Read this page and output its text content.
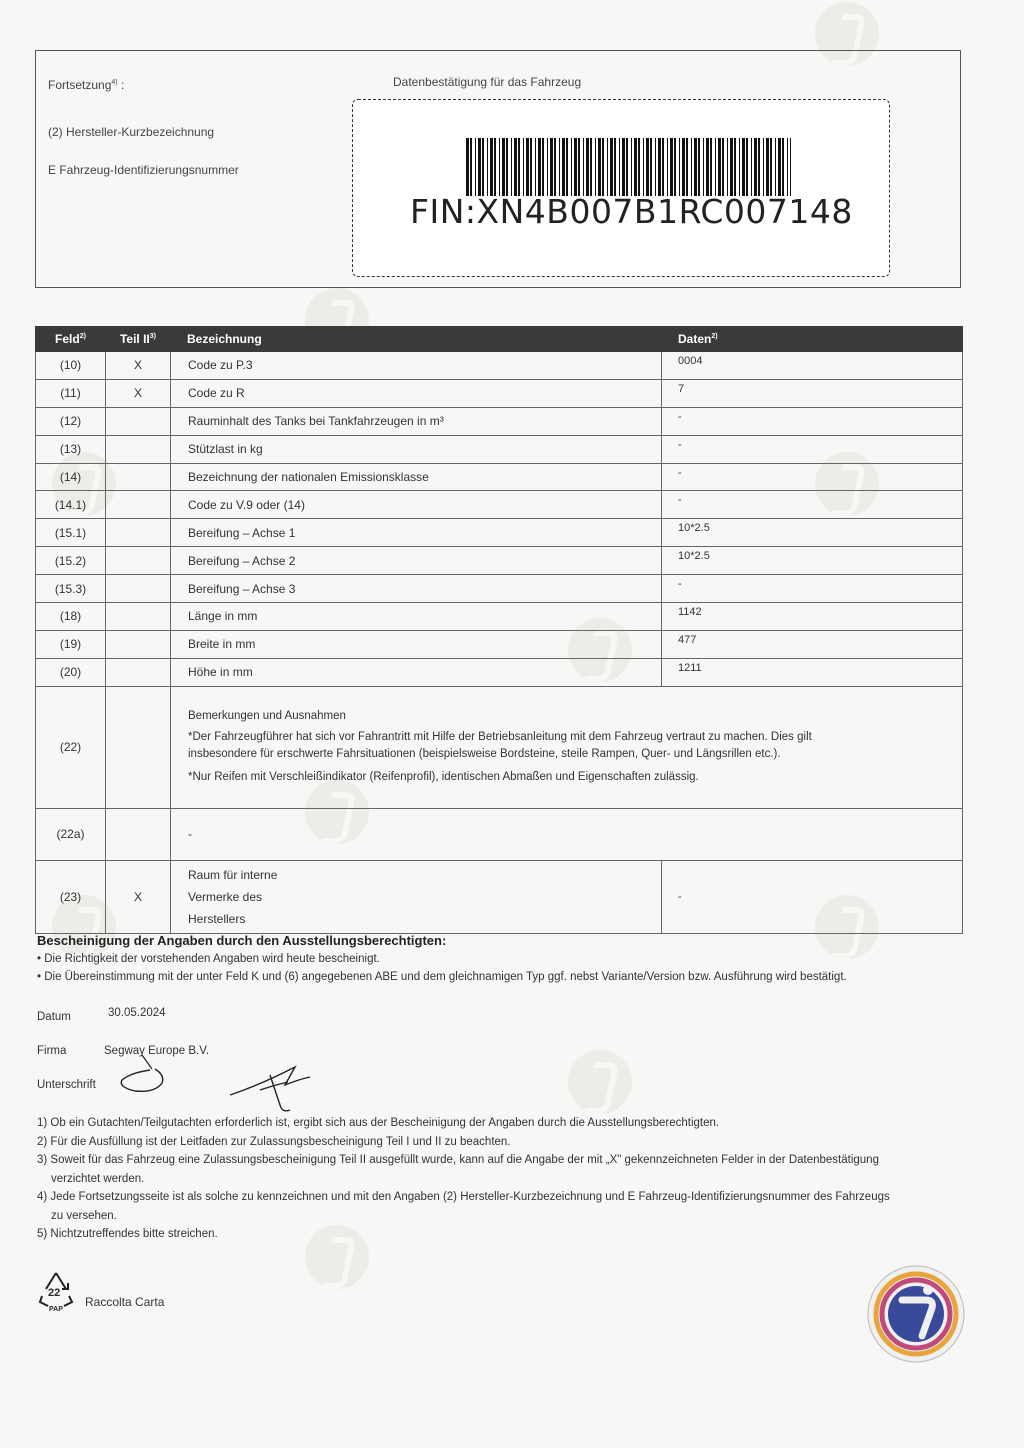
Fortsetzung$^{4)}$ :
(2) Hersteller-Kurzbezeichnung
E Fahrzeug-Identifizierungsnummer
Datenbestätigung für das Fahrzeug
FIN:XN4B007B1RC007148
Feld$^{2)}$	Teil II$^{3)}$	Bezeichnung	Daten$^{2)}$
(10)	X	Code zu P.3	0004
(11)	X	Code zu R	7
(12)		Rauminhalt des Tanks bei Tankfahrzeugen in m³	-
(13)		Stützlast in kg	-
(14)		Bezeichnung der nationalen Emissionsklasse	-
(14.1)		Code zu V.9 oder (14)	-
(15.1)		Bereifung – Achse 1	10*2.5
(15.2)		Bereifung – Achse 2	10*2.5
(15.3)		Bereifung – Achse 3	-
(18)		Länge in mm	1142
(19)		Breite in mm	477
(20)		Höhe in mm	1211
(22)		Bemerkungen und Ausnahmen
*Der Fahrzeugführer hat sich vor Fahrantritt mit Hilfe der Betriebsanleitung mit dem Fahrzeug vertraut zu machen. Dies gilt
insbesondere für erschwerte Fahrsituationen (beispielsweise Bordsteine, steile Rampen, Quer- und Längsrillen etc.).
*Nur Reifen mit Verschleißindikator (Reifenprofil), identischen Abmaßen und Eigenschaften zulässig.	

(22a)		-	
(23)	X	Raum für interne
Vermerke des
Herstellers	-
Bescheinigung der Angaben durch den Ausstellungsberechtigten:
• Die Richtigkeit der vorstehenden Angaben wird heute bescheinigt.
• Die Übereinstimmung mit der unter Feld K und (6) angegebenen ABE und dem gleichnamigen Typ ggf. nebst Variante/Version bzw. Ausführung wird bestätigt.
Datum	30.05.2024
Firma	Segway Europe B.V.
Unterschrift
1) Ob ein Gutachten/Teilgutachten erforderlich ist, ergibt sich aus der Bescheinigung der Angaben durch die Ausstellungsberechtigten.
2) Für die Ausfüllung ist der Leitfaden zur Zulassungsbescheinigung Teil I und II zu beachten.
3) Soweit für das Fahrzeug eine Zulassungsbescheinigung Teil II ausgefüllt wurde, kann auf die Angabe der mit „X" gekennzeichneten Felder in der Datenbestätigung
verzichtet werden.
4) Jede Fortsetzungsseite ist als solche zu kennzeichnen und mit den Angaben (2) Hersteller-Kurzbezeichnung und E Fahrzeug-Identifizierungsnummer des Fahrzeugs
zu versehen.
5) Nichtzutreffendes bitte streichen.
22
PAP
Raccolta Carta
